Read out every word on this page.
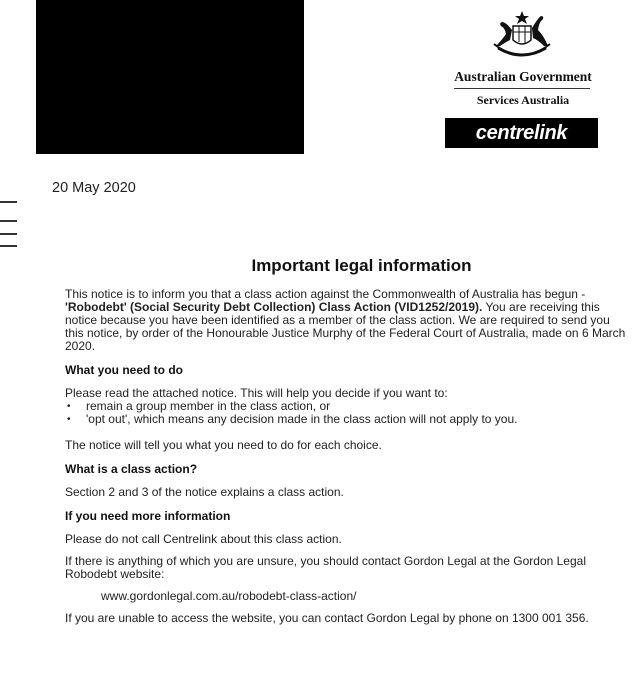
Australian Government
Services Australia
centrelink
20 May 2020
Important legal information

This notice is to inform you that a class action against the Commonwealth of Australia has begun - 'Robodebt' (Social Security Debt Collection) Class Action (VID1252/2019). You are receiving this notice because you have been identified as a member of the class action. We are required to send you this notice, by order of the Honourable Justice Murphy of the Federal Court of Australia, made on 6 March 2020.

What you need to do

Please read the attached notice. This will help you decide if you want to:

• remain a group member in the class action, or
• 'opt out', which means any decision made in the class action will not apply to you.

The notice will tell you what you need to do for each choice.

What is a class action?

Section 2 and 3 of the notice explains a class action.

If you need more information

Please do not call Centrelink about this class action.

If there is anything of which you are unsure, you should contact Gordon Legal at the Gordon Legal Robodebt website:

www.gordonlegal.com.au/robodebt-class-action/

If you are unable to access the website, you can contact Gordon Legal by phone on 1300 001 356.
